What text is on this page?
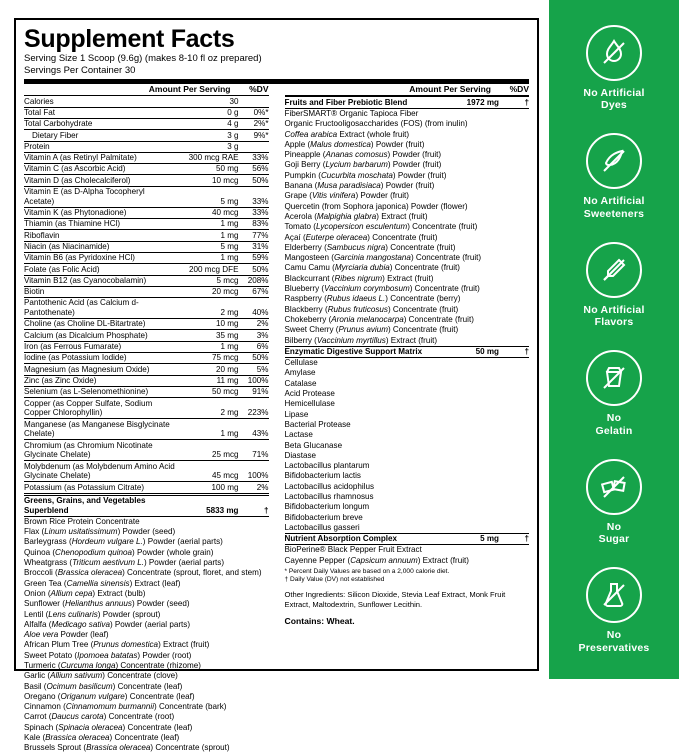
Supplement Facts
Serving Size 1 Scoop (9.6g) (makes 8-10 fl oz prepared)
Servings Per Container 30
Amount Per Serving	%DV
Calories	30	
Total Fat	0 g	0%*
Total Carbohydrate	4 g	2%*
Dietary Fiber	3 g	9%*
Protein	3 g	
Vitamin A (as Retinyl Palmitate)	300 mcg RAE	33%
Vitamin C (as Ascorbic Acid)	50 mg	56%
Vitamin D (as Cholecalciferol)	10 mcg	50%
Vitamin E (as D-Alpha Tocopheryl Acetate)	5 mg	33%
Vitamin K (as Phytonadione)	40 mcg	33%
Thiamin (as Thiamine HCl)	1 mg	83%
Riboflavin	1 mg	77%
Niacin (as Niacinamide)	5 mg	31%
Vitamin B6 (as Pyridoxine HCl)	1 mg	59%
Folate (as Folic Acid)	200 mcg DFE	50%
Vitamin B12 (as Cyanocobalamin)	5 mcg	208%
Biotin	20 mcg	67%
Pantothenic Acid (as Calcium d-Pantothenate)	2 mg	40%
Choline (as Choline DL-Bitartrate)	10 mg	2%
Calcium (as Dicalcium Phosphate)	35 mg	3%
Iron (as Ferrous Fumarate)	1 mg	6%
Iodine (as Potassium Iodide)	75 mcg	50%
Magnesium (as Magnesium Oxide)	20 mg	5%
Zinc (as Zinc Oxide)	11 mg	100%
Selenium (as L-Selenomethionine)	50 mcg	91%
Copper (as Copper Sulfate, Sodium Copper Chlorophyllin)	2 mg	223%
Manganese (as Manganese Bisglycinate Chelate)	1 mg	43%
Chromium (as Chromium Nicotinate Glycinate Chelate)	25 mcg	71%
Molybdenum (as Molybdenum Amino Acid Glycinate Chelate)	45 mcg	100%
Potassium (as Potassium Citrate)	100 mg	2%
Greens, Grains, and Vegetables Superblend	5833 mg	†
Brown Rice Protein Concentrate
Flax (Linum usitatissimum) Powder (seed)
Barleygrass (Hordeum vulgare L.) Powder (aerial parts)
Quinoa (Chenopodium quinoa) Powder (whole grain)
Wheatgrass (Triticum aestivum L.) Powder (aerial parts)
Broccoli (Brassica oleracea) Concentrate (sprout, floret, and stem)
Green Tea (Camellia sinensis) Extract (leaf)
Onion (Allium cepa) Extract (bulb)
Sunflower (Helianthus annuus) Powder (seed)
Lentil (Lens culinaris) Powder (sprout)
Alfalfa (Medicago sativa) Powder (aerial parts)
Aloe vera Powder (leaf)
African Plum Tree (Prunus domestica) Extract (fruit)
Sweet Potato (Ipomoea batatas) Powder (root)
Turmeric (Curcuma longa) Concentrate (rhizome)
Garlic (Allium sativum) Concentrate (clove)
Basil (Ocimum basilicum) Concentrate (leaf)
Oregano (Origanum vulgare) Concentrate (leaf)
Cinnamon (Cinnamomum burmannii) Concentrate (bark)
Carrot (Daucus carota) Concentrate (root)
Spinach (Spinacia oleracea) Concentrate (leaf)
Kale (Brassica oleracea) Concentrate (leaf)
Brussels Sprout (Brassica oleracea) Concentrate (sprout)
Amount Per Serving	%DV
Fruits and Fiber Prebiotic Blend	1972 mg	†
FiberSMART® Organic Tapioca Fiber
Organic Fructooligosaccharides (FOS) (from inulin)
Coffea arabica Extract (whole fruit)
Apple (Malus domestica) Powder (fruit)
Pineapple (Ananas comosus) Powder (fruit)
Goji Berry (Lycium barbarum) Powder (fruit)
Pumpkin (Cucurbita moschata) Powder (fruit)
Banana (Musa paradisiaca) Powder (fruit)
Grape (Vitis vinifera) Powder (fruit)
Quercetin (from Sophora japonica) Powder (flower)
Acerola (Malpighia glabra) Extract (fruit)
Tomato (Lycopersicon esculentum) Concentrate (fruit)
Açaí (Euterpe oleracea) Concentrate (fruit)
Elderberry (Sambucus nigra) Concentrate (fruit)
Mangosteen (Garcinia mangostana) Concentrate (fruit)
Camu Camu (Myrciaria dubia) Concentrate (fruit)
Blackcurrant (Ribes nigrum) Extract (fruit)
Blueberry (Vaccinium corymbosum) Concentrate (fruit)
Raspberry (Rubus idaeus L.) Concentrate (berry)
Blackberry (Rubus fruticosus) Concentrate (fruit)
Chokeberry (Aronia melanocarpa) Concentrate (fruit)
Sweet Cherry (Prunus avium) Concentrate (fruit)
Bilberry (Vaccinium myrtillus) Extract (fruit)
Enzymatic Digestive Support Matrix	50 mg	†
Cellulase
Amylase
Catalase
Acid Protease
Hemicellulase
Lipase
Bacterial Protease
Lactase
Beta Glucanase
Diastase
Lactobacillus plantarum
Bifidobacterium lactis
Lactobacillus acidophilus
Lactobacillus rhamnosus
Bifidobacterium longum
Bifidobacterium breve
Lactobacillus gasseri
Nutrient Absorption Complex	5 mg	†
BioPerine® Black Pepper Fruit Extract
Cayenne Pepper (Capsicum annuum) Extract (fruit)
* Percent Daily Values are based on a 2,000 calorie diet.
† Daily Value (DV) not established
Other Ingredients: Silicon Dioxide, Stevia Leaf Extract, Monk Fruit Extract, Maltodextrin, Sunflower Lecithin.
Contains: Wheat.
No Artificial
Dyes
No Artificial
Sweeteners
No Artificial
Flavors
No
Gelatin
No
Sugar
No
Preservatives
